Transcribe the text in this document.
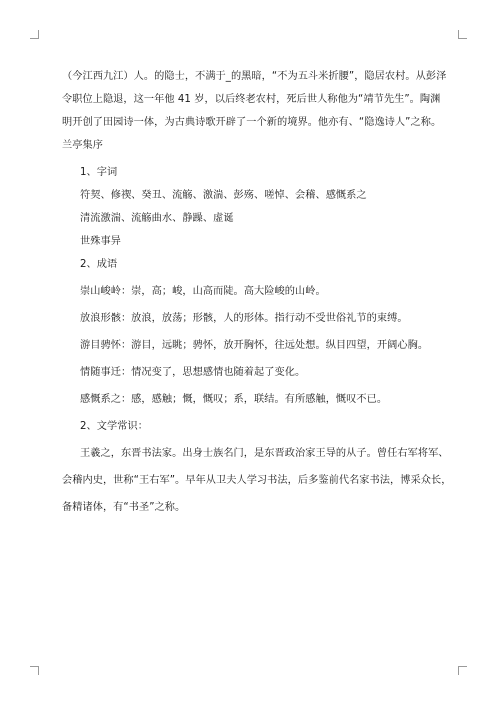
（今江西九江）人。的隐士，不满于_的黑暗，“不为五斗米折腰”，隐居农村。从彭泽

令职位上隐退，这一年他 41 岁，以后终老农村，死后世人称他为“靖节先生”。陶渊

明开创了田园诗一体，为古典诗歌开辟了一个新的境界。他亦有、“隐逸诗人”之称。

兰亭集序

1、字词

符契、修禊、癸丑、流觞、激湍、彭殇、嗟悼、会稽、感慨系之

清流激湍、流觞曲水、静躁、虚诞

世殊事异

2、成语

崇山峻岭：崇，高；峻，山高而陡。高大险峻的山岭。

放浪形骸：放浪，放荡；形骸，人的形体。指行动不受世俗礼节的束缚。

游目骋怀：游目，远眺；骋怀，放开胸怀，往远处想。纵目四望，开阔心胸。

情随事迁：情况变了，思想感情也随着起了变化。

感慨系之：感，感触；慨，慨叹；系，联结。有所感触，慨叹不已。

2、文学常识：

王羲之，东晋书法家。出身士族名门，是东晋政治家王导的从子。曾任右军将军、

会稽内史，世称“王右军”。早年从卫夫人学习书法，后多鉴前代名家书法，博采众长，

备精诸体，有“书圣”之称。
